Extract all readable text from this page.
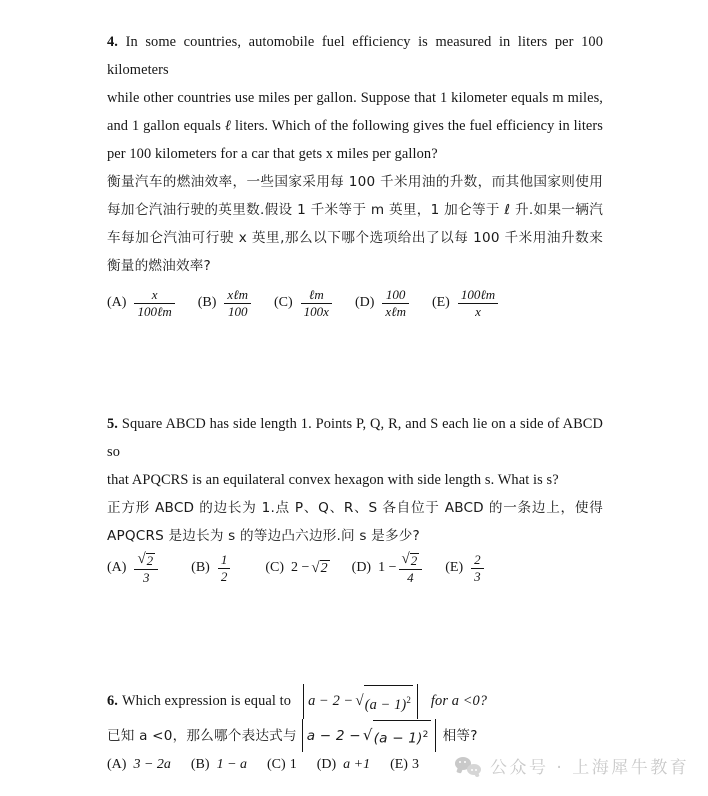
4. In some countries, automobile fuel efficiency is measured in liters per 100 kilometers
while other countries use miles per gallon. Suppose that 1 kilometer equals m miles,
and 1 gallon equals ℓ liters. Which of the following gives the fuel efficiency in liters
per 100 kilometers for a car that gets x miles per gallon?
衡量汽车的燃油效率，一些国家采用每 100 千米用油的升数，而其他国家则使用
每加仑汽油行驶的英里数.假设 1 千米等于 m 英里，1 加仑等于 ℓ 升.如果一辆汽
车每加仑汽油可行驶 x 英里,那么以下哪个选项给出了以每 100 千米用油升数来
衡量的燃油效率?
$(A) \frac{x}{\text{100ℓm}} (B) \frac{\text{xℓm}}{100} (C) \frac{\text{ℓm}}{100x} (D) \frac{100}{\text{xℓm}} (E) \frac{\text{100ℓm}}{x}$
5. Square ABCD has side length 1. Points P, Q, R, and S each lie on a side of ABCD so
that APQCRS is an equilateral convex hexagon with side length s. What is s?
正方形 ABCD 的边长为 1.点 P、Q、R、S 各自位于 ABCD 的一条边上，使得
APQCRS 是边长为 s 的等边凸六边形.问 s 是多少?
$(A) \frac{√ 2}{3} (B) \frac{1}{2}$	(C) 2 − √ 2 (D) $1 - \frac{√ 2}{4} (E) \frac{2}{3}$
6. Which expression is equal to a − 2 − √ $(a - 1)^2$ for a <0?
已知 a <0，那么哪个表达式与 a − 2 − √ $(a - 1)^2$ 相等?
(A) 3 − 2a (B) 1 − a (C) 1 (D) a +1 (E) 3	公众号 · 上海犀牛教育
